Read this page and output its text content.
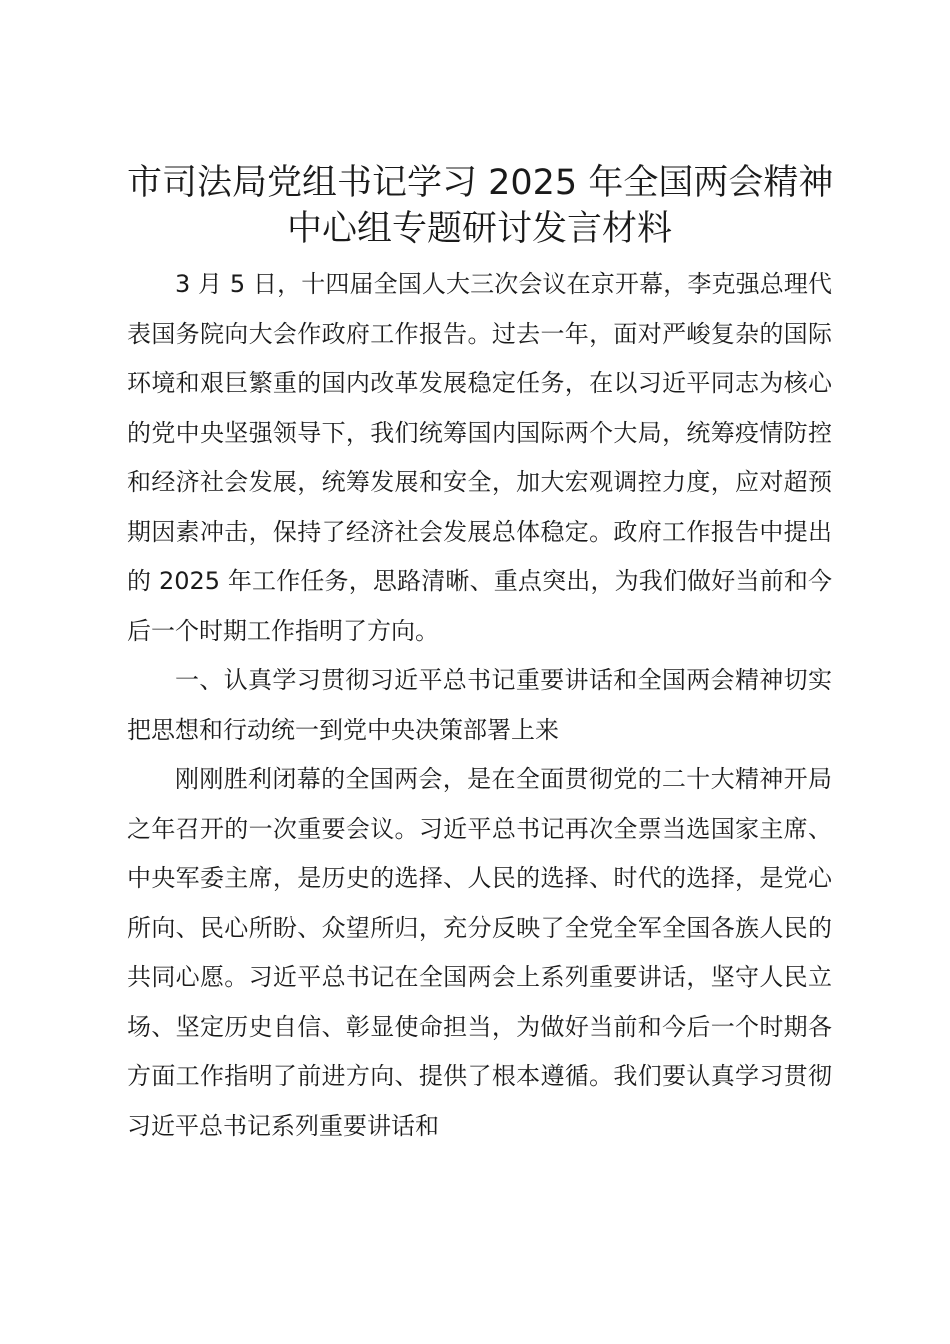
市司法局党组书记学习 2025 年全国两会精神
中心组专题研讨发言材料

3 月 5 日，十四届全国人大三次会议在京开幕，李克强总理代表国务院向大会作政府工作报告。过去一年，面对严峻复杂的国际环境和艰巨繁重的国内改革发展稳定任务，在以习近平同志为核心的党中央坚强领导下，我们统筹国内国际两个大局，统筹疫情防控和经济社会发展，统筹发展和安全，加大宏观调控力度，应对超预期因素冲击，保持了经济社会发展总体稳定。政府工作报告中提出的 2025 年工作任务，思路清晰、重点突出，为我们做好当前和今后一个时期工作指明了方向。

一、认真学习贯彻习近平总书记重要讲话和全国两会精神切实把思想和行动统一到党中央决策部署上来

刚刚胜利闭幕的全国两会，是在全面贯彻党的二十大精神开局之年召开的一次重要会议。习近平总书记再次全票当选国家主席、中央军委主席，是历史的选择、人民的选择、时代的选择，是党心所向、民心所盼、众望所归，充分反映了全党全军全国各族人民的共同心愿。习近平总书记在全国两会上系列重要讲话，坚守人民立场、坚定历史自信、彰显使命担当，为做好当前和今后一个时期各方面工作指明了前进方向、提供了根本遵循。我们要认真学习贯彻习近平总书记系列重要讲话和
